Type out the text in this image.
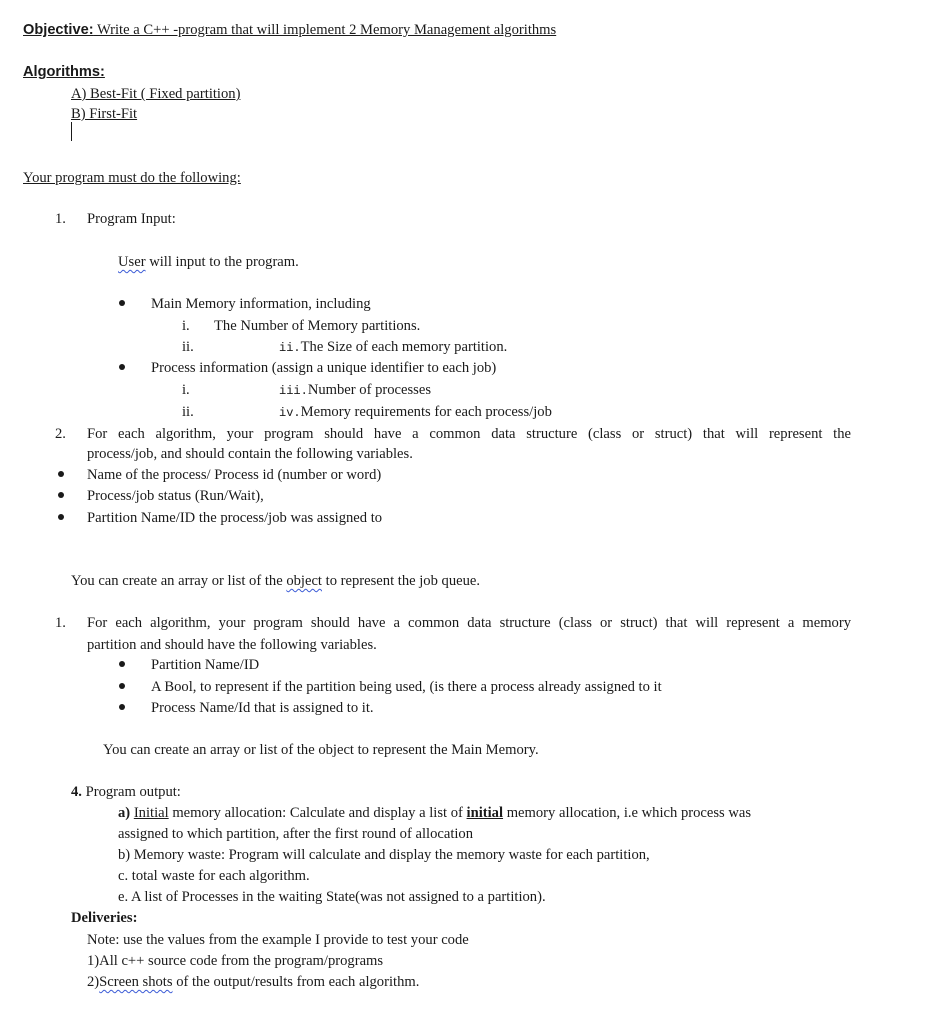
Objective: Write a C++ -program that will implement 2 Memory Management algorithms
Algorithms:
A) Best-Fit ( Fixed partition)
B) First-Fit
Your program must do the following:
1. Program Input:
User will input to the program.
Main Memory information, including
i. The Number of Memory partitions.
ii.	ii.The Size of each memory partition.
Process information (assign a unique identifier to each job)
i.	iii.Number of processes
ii.	iv.Memory requirements for each process/job
2. For each algorithm, your program should have a common data structure (class or struct) that will represent the
process/job, and should contain the following variables.
Name of the process/ Process id (number or word)
Process/job status (Run/Wait),
Partition Name/ID the process/job was assigned to
You can create an array or list of the object to represent the job queue.
1. For each algorithm, your program should have a common data structure (class or struct) that will represent a memory
partition and should have the following variables.
Partition Name/ID
A Bool, to represent if the partition being used, (is there a process already assigned to it
Process Name/Id that is assigned to it.
You can create an array or list of the object to represent the Main Memory.
4. Program output:
a) Initial memory allocation: Calculate and display a list of initial memory allocation, i.e which process was
assigned to which partition, after the first round of allocation
b) Memory waste: Program will calculate and display the memory waste for each partition,
c. total waste for each algorithm.
e. A list of Processes in the waiting State(was not assigned to a partition).
Deliveries:
Note: use the values from the example I provide to test your code
1)All c++ source code from the program/programs
2)Screen shots of the output/results from each algorithm.
